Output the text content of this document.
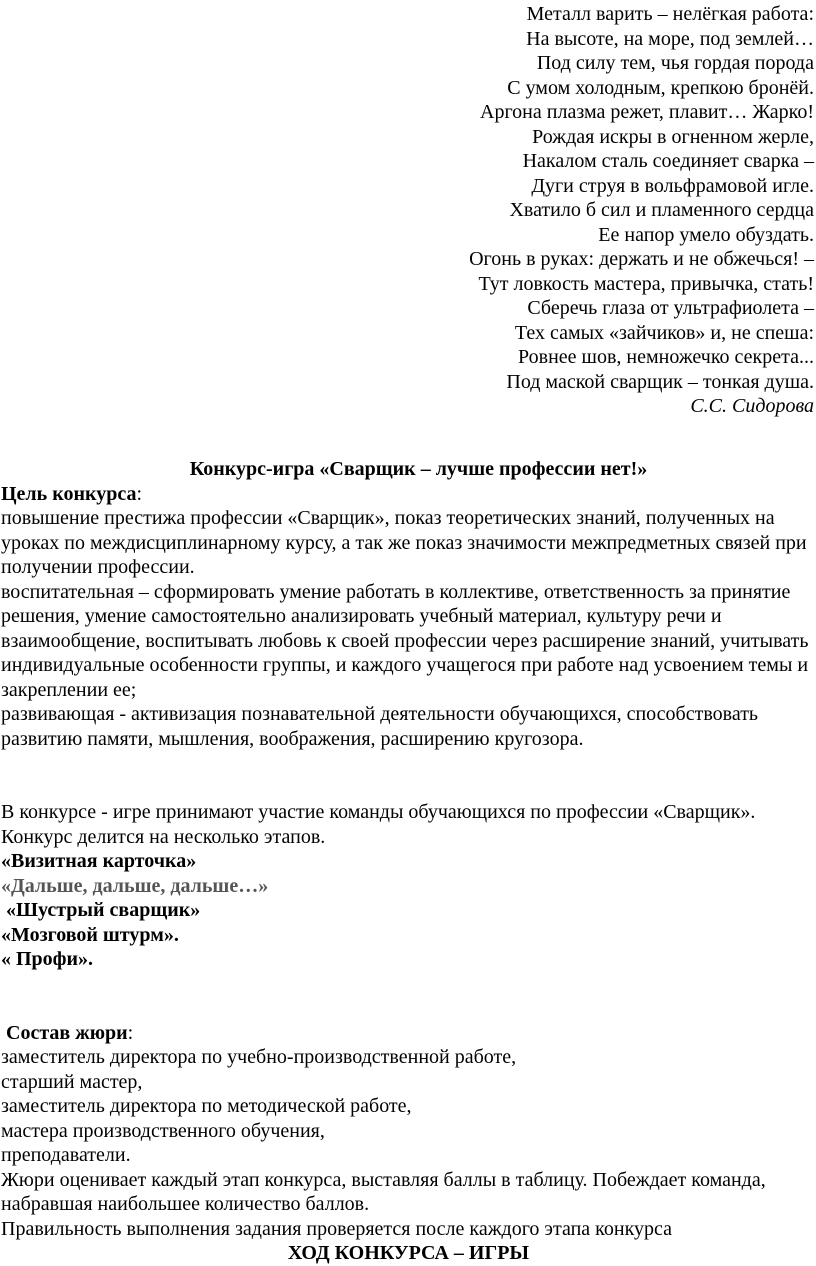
Металл варить – нелёгкая работа:
На высоте, на море, под землей…
Под силу тем, чья гордая порода
С умом холодным, крепкою бронёй.
Аргона плазма режет, плавит… Жарко!
Рождая искры в огненном жерле,
Накалом сталь соединяет сварка –
Дуги струя в вольфрамовой игле.
Хватило б сил и пламенного сердца
Ее напор умело обуздать.
Огонь в руках: держать и не обжечься! –
Тут ловкость мастера, привычка, стать!
Сберечь глаза от ультрафиолета –
Тех самых «зайчиков» и, не спеша:
Ровнее шов, немножечко секрета...
Под маской сварщик – тонкая душа.
С.С. Сидорова
Конкурс-игра «Сварщик – лучше профессии нет!»

Цель конкурса:

повышение престижа профессии «Сварщик», показ теоретических знаний, полученных на уроках по междисциплинарному курсу, а так же показ значимости межпредметных связей при получении профессии.

воспитательная – сформировать умение работать в коллективе, ответственность за принятие решения, умение самостоятельно анализировать учебный материал, культуру речи и взаимообщение, воспитывать любовь к своей профессии через расширение знаний, учитывать индивидуальные особенности группы, и каждого учащегося при работе над усвоением темы и закреплении ее;

развивающая - активизация познавательной деятельности обучающихся, способствовать развитию памяти, мышления, воображения, расширению кругозора.

В конкурсе - игре принимают участие команды обучающихся по профессии «Сварщик».

Конкурс делится на несколько этапов.

«Визитная карточка»
«Дальше, дальше, дальше…»
«Шустрый сварщик»
«Мозговой штурм».
« Профи».

Состав жюри:

заместитель директора по учебно-производственной работе,

старший мастер,

заместитель директора по методической работе,

мастера производственного обучения,

преподаватели.

Жюри оценивает каждый этап конкурса, выставляя баллы в таблицу. Побеждает команда, набравшая наибольшее количество баллов.

Правильность выполнения задания проверяется после каждого этапа конкурса

ХОД КОНКУРСА – ИГРЫ
